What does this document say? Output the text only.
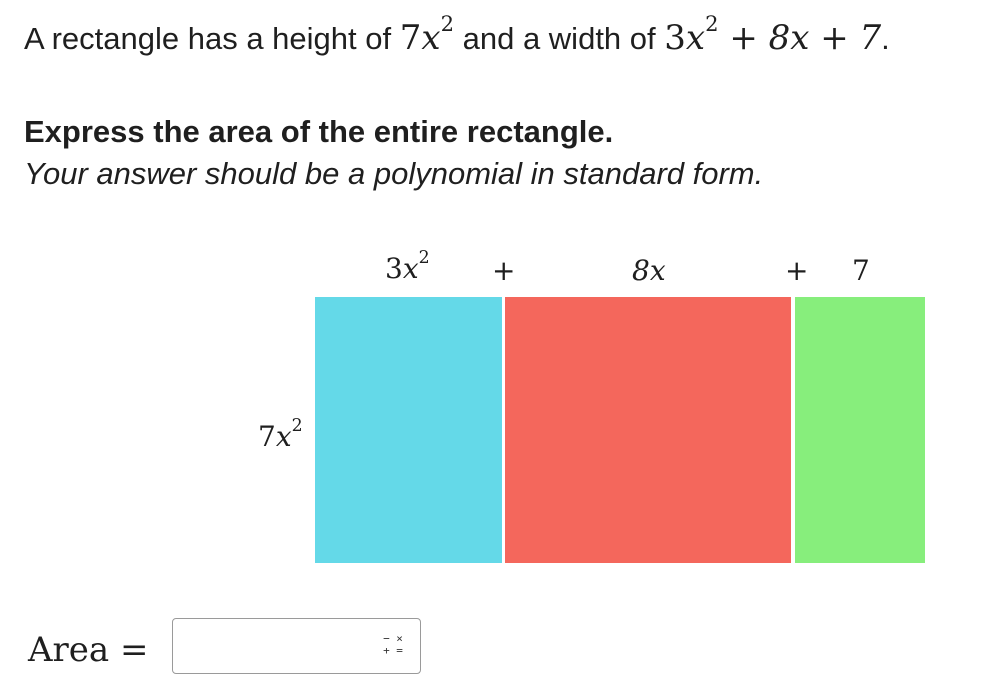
A rectangle has a height of $7x^2$ and a width of $3x^2 + 8x + 7$.
Express the area of the entire rectangle.
Your answer should be a polynomial in standard form.
$3x^2$ +	8x	+ 7
$7x^2$
Area =	− ×
+ =
